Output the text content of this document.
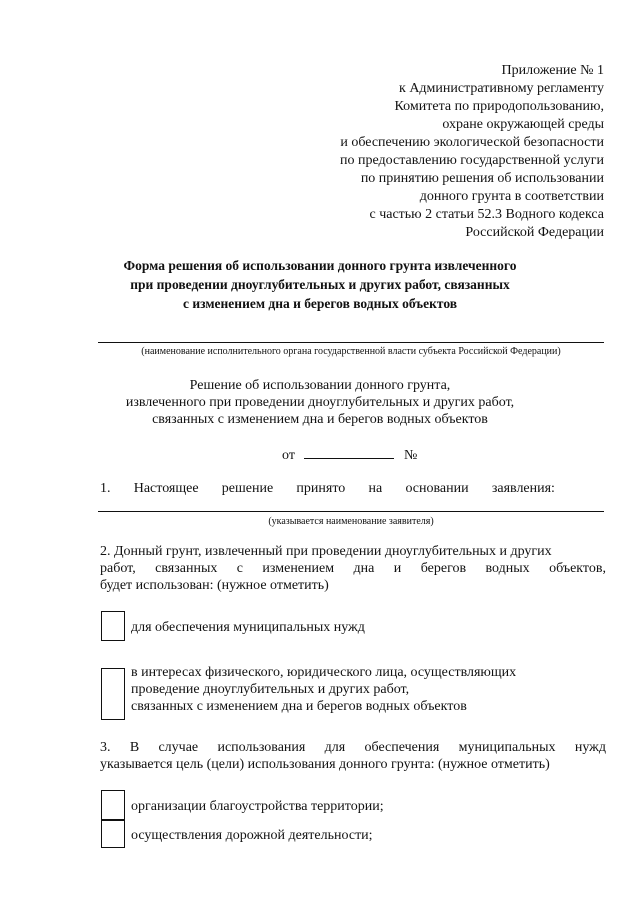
Приложение № 1
к Административному регламенту
Комитета по природопользованию,
охране окружающей среды
и обеспечению экологической безопасности
по предоставлению государственной услуги
по принятию решения об использовании
донного грунта в соответствии
с частью 2 статьи 52.3 Водного кодекса
Российской Федерации
Форма решения об использовании донного грунта извлеченного
при проведении дноуглубительных и других работ, связанных
с изменением дна и берегов водных объектов
(наименование исполнительного органа государственной власти субъекта Российской Федерации)
Решение об использовании донного грунта,
извлеченного при проведении дноуглубительных и других работ,
связанных с изменением дна и берегов водных объектов
от	№
1. Настоящее решение принято на основании заявления:
(указывается наименование заявителя)
2. Донный грунт, извлеченный при проведении дноуглубительных и других
работ, связанных с изменением дна и берегов водных объектов,
будет использован: (нужное отметить)
для обеспечения муниципальных нужд
в интересах физического, юридического лица, осуществляющих
проведение дноуглубительных и других работ,
связанных с изменением дна и берегов водных объектов
3. В случае использования для обеспечения муниципальных нужд
указывается цель (цели) использования донного грунта: (нужное отметить)
организации благоустройства территории;
осуществления дорожной деятельности;
